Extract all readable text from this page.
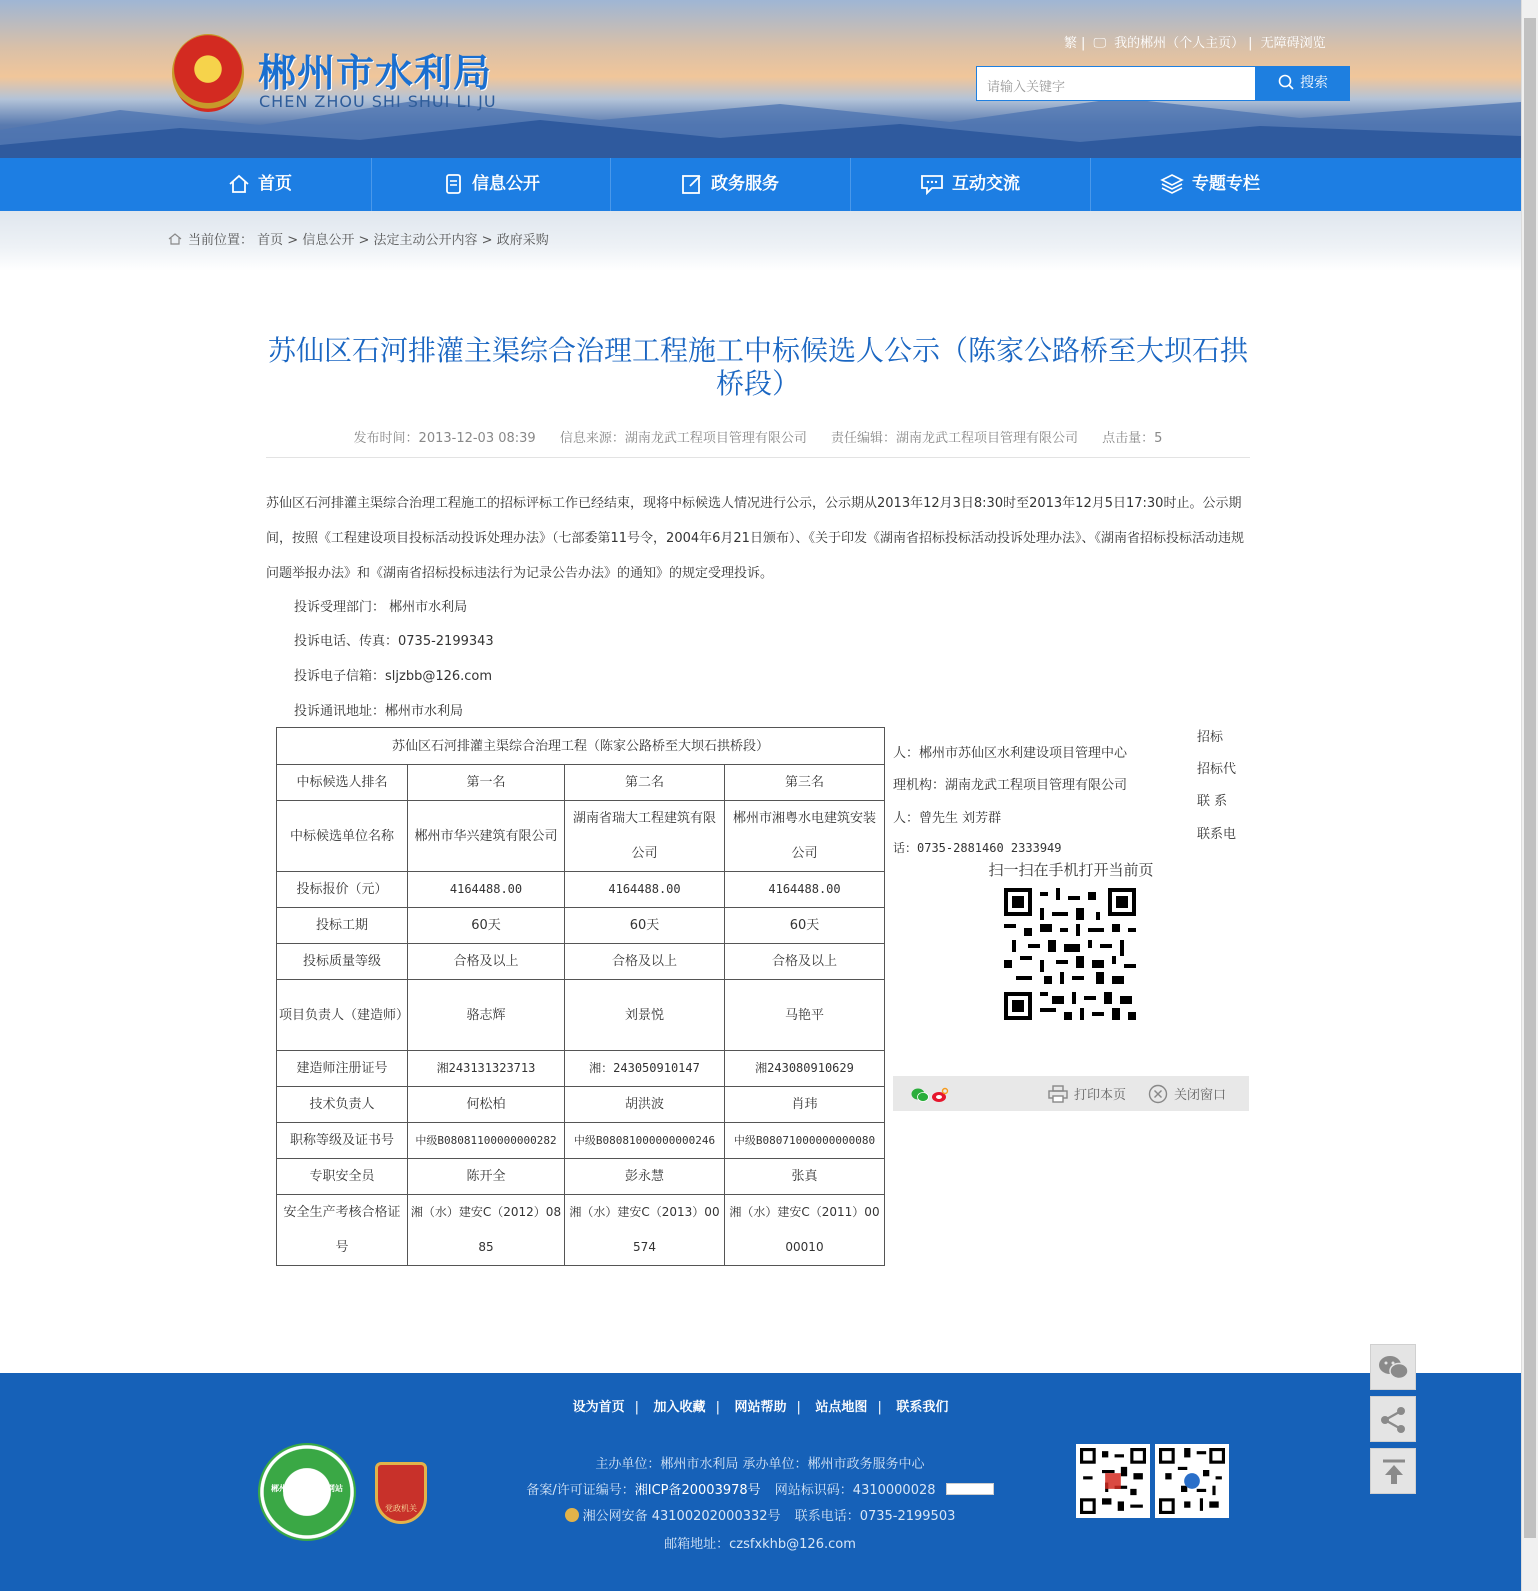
郴州市水利局
CHEN ZHOU SHI SHUI LI JU
繁 | 🖵 我的郴州（个人主页） | 无障碍浏览
请输入关键字	搜索
首页	信息公开	政务服务	互动交流	专题专栏
当前位置： 首页 > 信息公开 > 法定主动公开内容 > 政府采购
苏仙区石河排灌主渠综合治理工程施工中标候选人公示（陈家公路桥至大坝石拱桥段）
发布时间：2013-12-03 08:39 信息来源：湖南龙武工程项目管理有限公司 责任编辑：湖南龙武工程项目管理有限公司 点击量：5
苏仙区石河排灌主渠综合治理工程施工的招标评标工作已经结束，现将中标候选人情况进行公示，公示期从2013年12月3日8:30时至2013年12月5日17:30时止。公示期间，按照《工程建设项目投标活动投诉处理办法》（七部委第11号令，2004年6月21日颁布）、《关于印发《湖南省招标投标活动投诉处理办法》、《湖南省招标投标活动违规问题举报办法》和《湖南省招标投标违法行为记录公告办法》的通知》的规定受理投诉。
投诉受理部门： 郴州市水利局
投诉电话、传真：0735-2199343
投诉电子信箱：sljzbb@126.com
投诉通讯地址：郴州市水利局
苏仙区石河排灌主渠综合治理工程（陈家公路桥至大坝石拱桥段）			
中标候选人排名	第一名	第二名	第三名
中标候选单位名称	郴州市华兴建筑有限公司	湖南省瑞大工程建筑有限公司	郴州市湘粤水电建筑安装公司
投标报价（元）	4164488.00	4164488.00	4164488.00
投标工期	60天	60天	60天
投标质量等级	合格及以上	合格及以上	合格及以上
项目负责人（建造师）	骆志辉	刘景悦	马艳平
建造师注册证号	湘243131323713	湘：243050910147	湘243080910629
技术负责人	何松柏	胡洪波	肖玮
职称等级及证书号	中级B08081100000000282	中级B08081000000000246	中级B08071000000000080
专职安全员	陈开全	彭永慧	张真
安全生产考核合格证号	湘（水）建安C（2012）0885	湘（水）建安C（2013）00574	湘（水）建安C（2011）0000010
人：郴州市苏仙区水利建设项目管理中心
理机构：湖南龙武工程项目管理有限公司
人：曾先生 刘芳群
话：0735-2881460 2333949
招标
招标代
联 系
联系电
扫一扫在手机打开当前页
打印本页	关闭窗口
设为首页 | 加入收藏 | 网站帮助 | 站点地图 | 联系我们
郴州市创建文明网站
党政机关
主办单位：郴州市水利局 承办单位：郴州市政务服务中心
备案/许可证编号：湘ICP备20003978号 网站标识码：4310000028
湘公网安备 43100202000332号 联系电话：0735-2199503
邮箱地址：czsfxkhb@126.com
